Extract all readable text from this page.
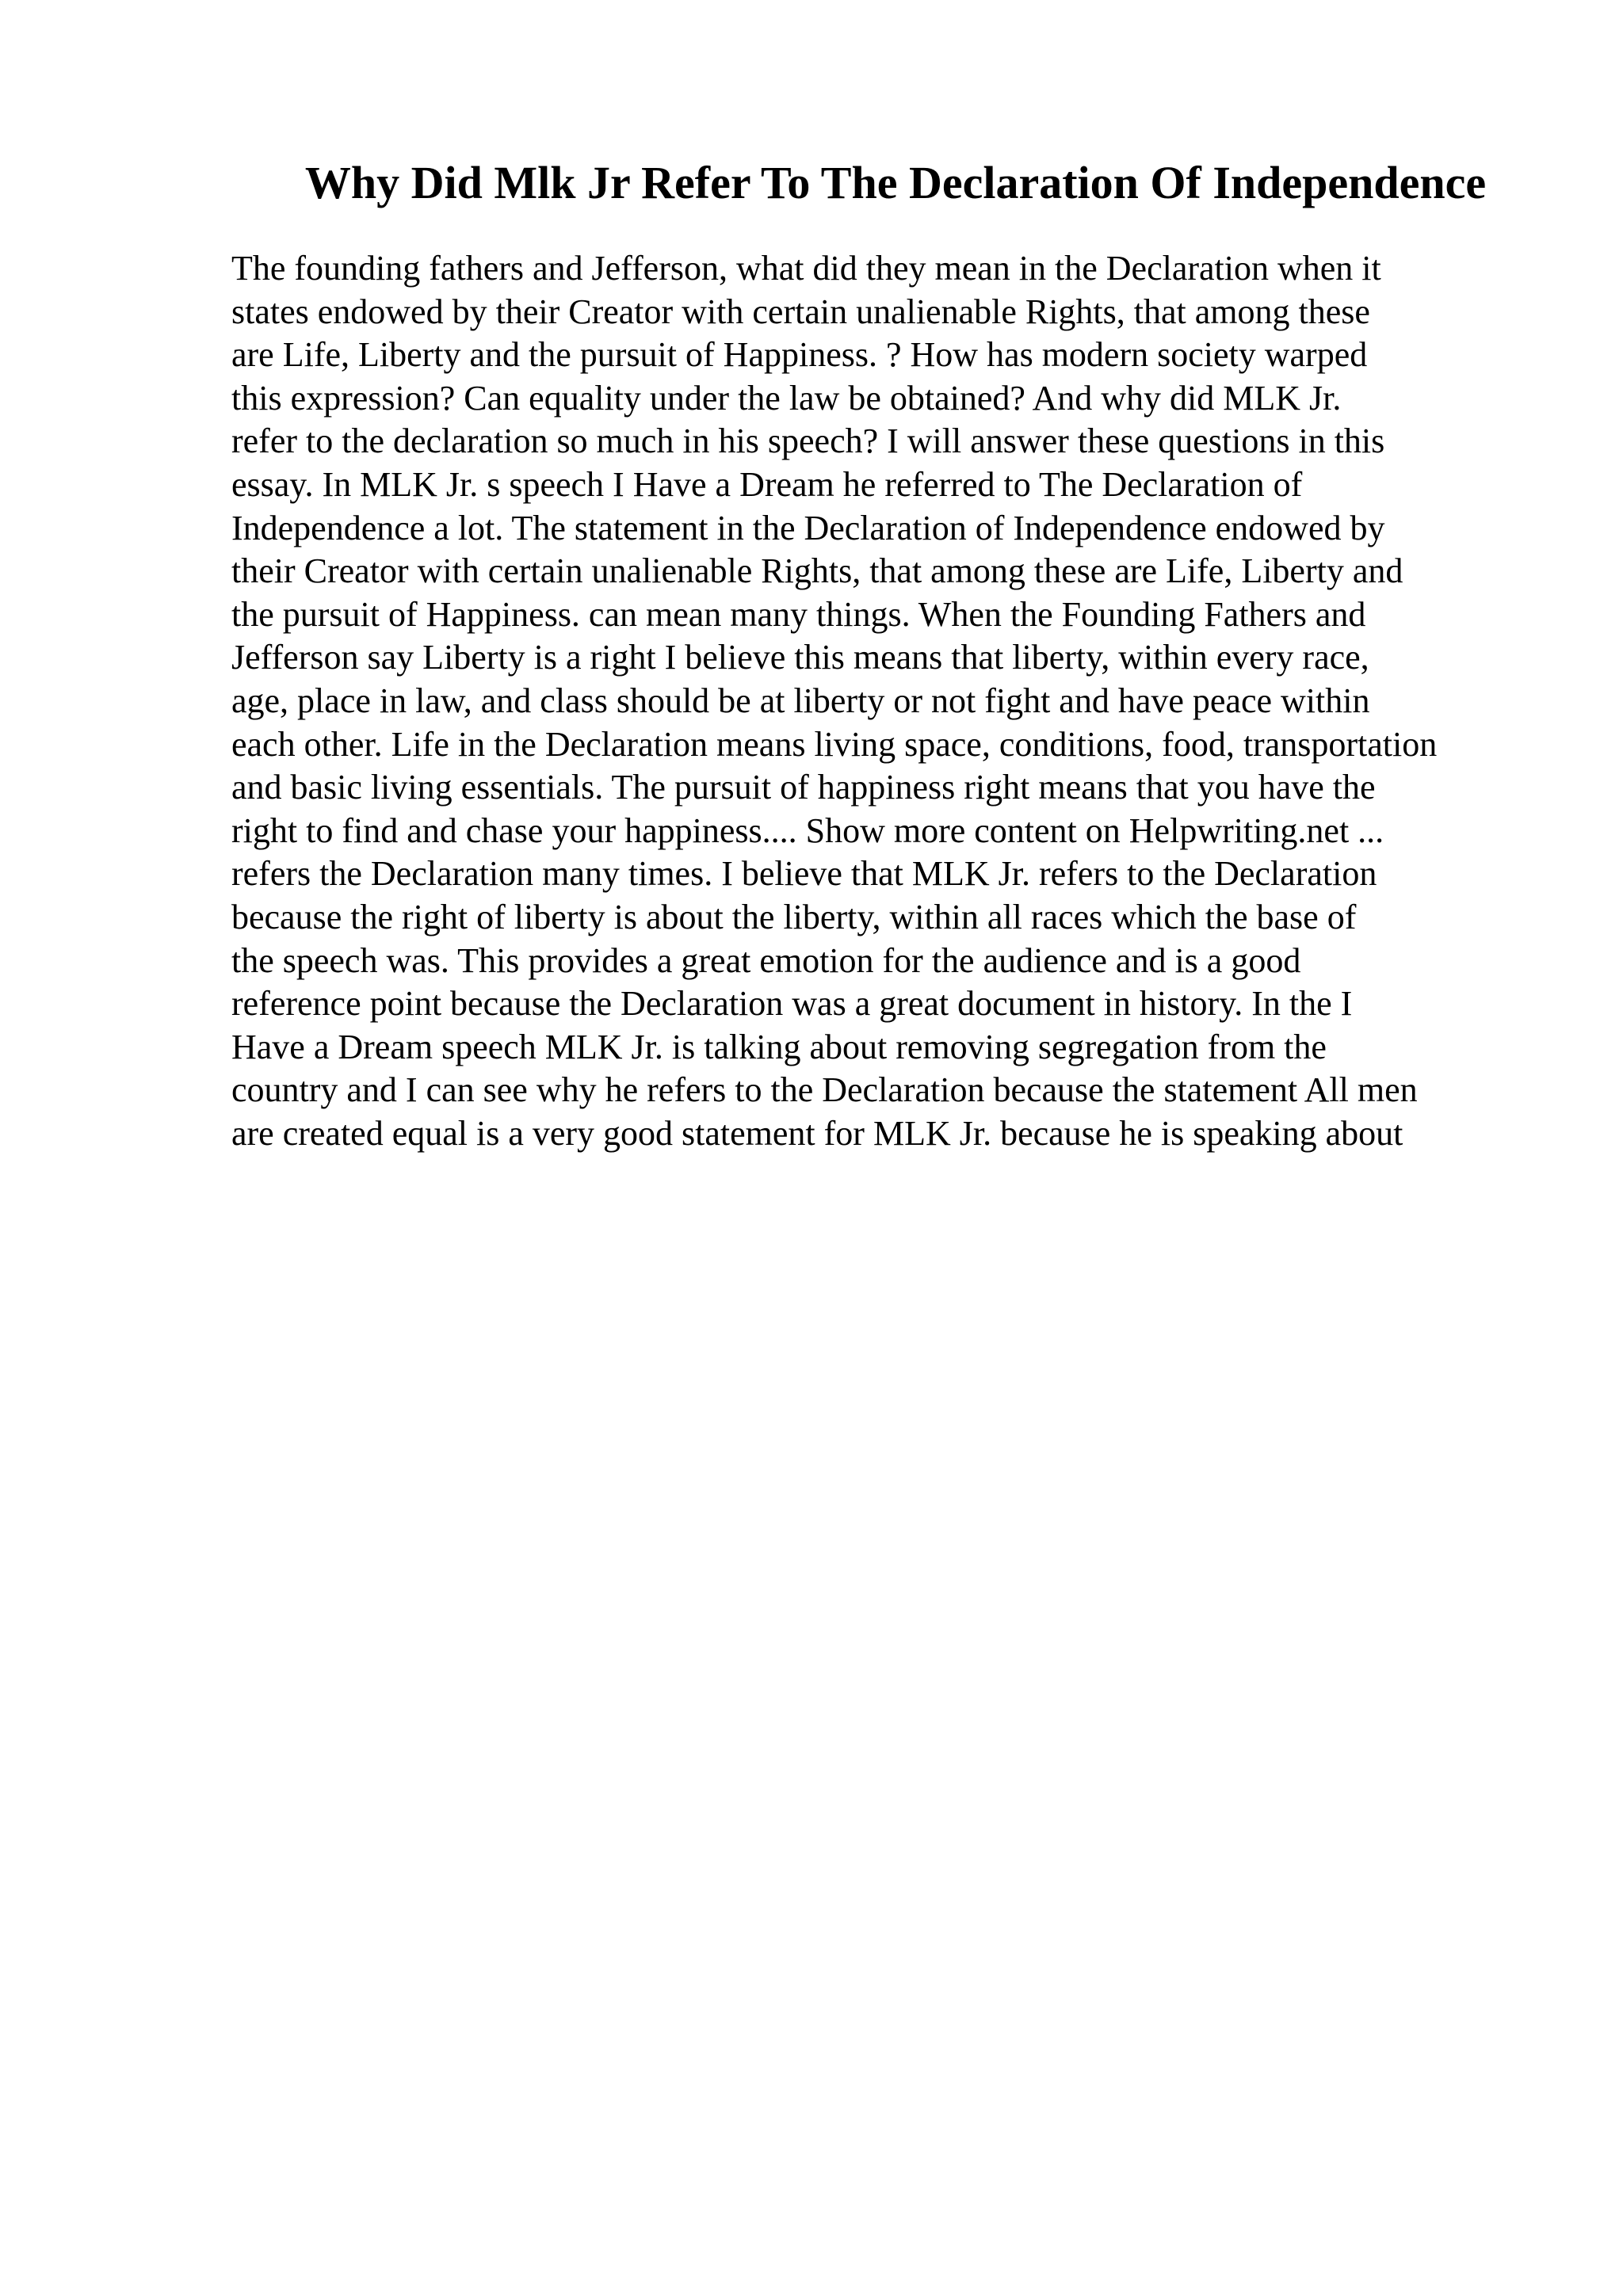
Why Did Mlk Jr Refer To The Declaration Of Independence
The founding fathers and Jefferson, what did they mean in the Declaration when it
states endowed by their Creator with certain unalienable Rights, that among these
are Life, Liberty and the pursuit of Happiness. ? How has modern society warped
this expression? Can equality under the law be obtained? And why did MLK Jr.
refer to the declaration so much in his speech? I will answer these questions in this
essay. In MLK Jr. s speech I Have a Dream he referred to The Declaration of
Independence a lot. The statement in the Declaration of Independence endowed by
their Creator with certain unalienable Rights, that among these are Life, Liberty and
the pursuit of Happiness. can mean many things. When the Founding Fathers and
Jefferson say Liberty is a right I believe this means that liberty, within every race,
age, place in law, and class should be at liberty or not fight and have peace within
each other. Life in the Declaration means living space, conditions, food, transportation
and basic living essentials. The pursuit of happiness right means that you have the
right to find and chase your happiness.... Show more content on Helpwriting.net ...
refers the Declaration many times. I believe that MLK Jr. refers to the Declaration
because the right of liberty is about the liberty, within all races which the base of
the speech was. This provides a great emotion for the audience and is a good
reference point because the Declaration was a great document in history. In the I
Have a Dream speech MLK Jr. is talking about removing segregation from the
country and I can see why he refers to the Declaration because the statement All men
are created equal is a very good statement for MLK Jr. because he is speaking about
